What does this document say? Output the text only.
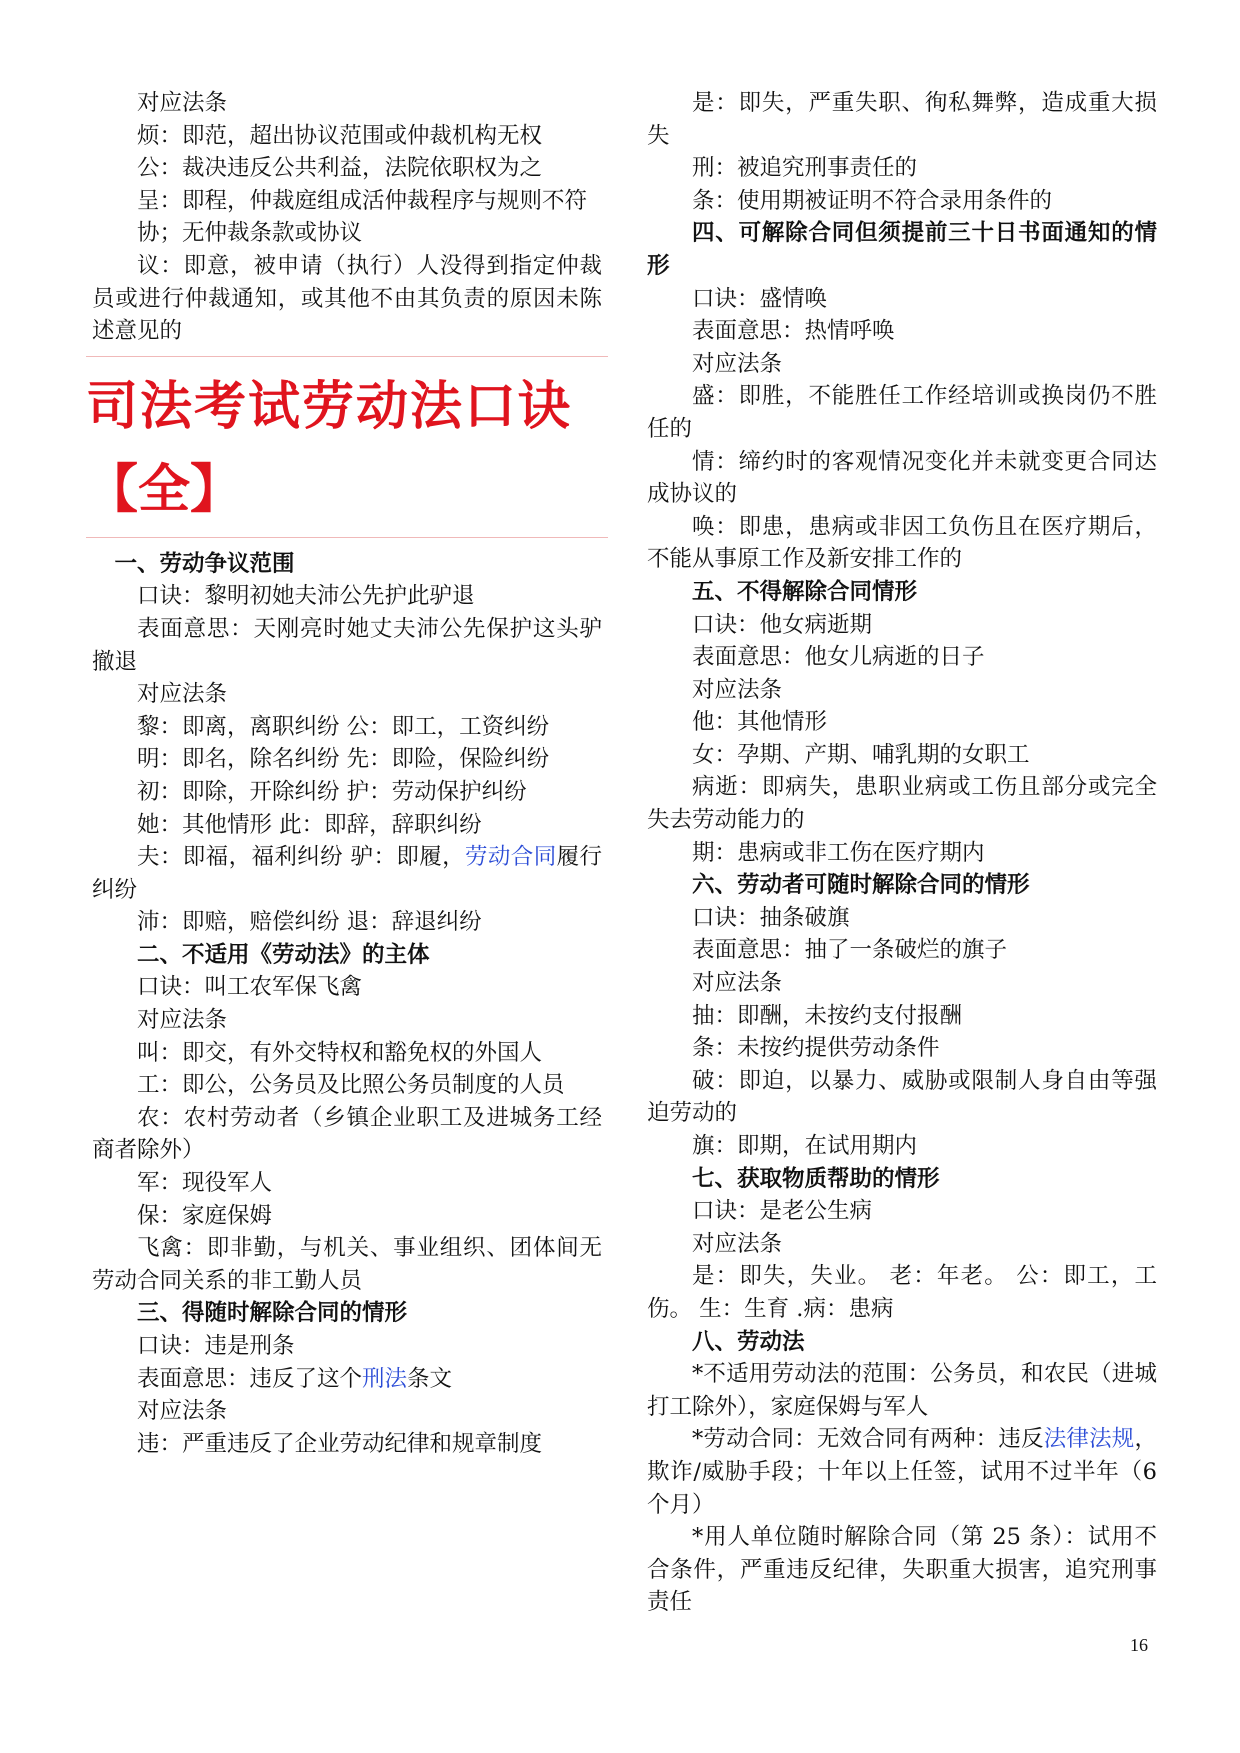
对应法条

烦：即范，超出协议范围或仲裁机构无权

公：裁决违反公共利益，法院依职权为之

呈：即程，仲裁庭组成活仲裁程序与规则不符

协；无仲裁条款或协议

议：即意，被申请（执行）人没得到指定仲裁员或进行仲裁通知，或其他不由其负责的原因未陈述意见的

司法考试劳动法口诀

【全】

一、劳动争议范围

口诀：黎明初她夫沛公先护此驴退

表面意思：天刚亮时她丈夫沛公先保护这头驴撤退

对应法条

黎：即离，离职纠纷 公：即工，工资纠纷

明：即名，除名纠纷 先：即险，保险纠纷

初：即除，开除纠纷 护：劳动保护纠纷

她：其他情形 此：即辞，辞职纠纷

夫：即福，福利纠纷 驴：即履，劳动合同履行纠纷

沛：即赔，赔偿纠纷 退：辞退纠纷

二、不适用《劳动法》的主体

口诀：叫工农军保飞禽

对应法条

叫：即交，有外交特权和豁免权的外国人

工：即公，公务员及比照公务员制度的人员

农：农村劳动者（乡镇企业职工及进城务工经商者除外）

军：现役军人

保：家庭保姆

飞禽：即非勤，与机关、事业组织、团体间无劳动合同关系的非工勤人员

三、得随时解除合同的情形

口诀：违是刑条

表面意思：违反了这个刑法条文

对应法条

违：严重违反了企业劳动纪律和规章制度

是：即失，严重失职、徇私舞弊，造成重大损失

刑：被追究刑事责任的

条：使用期被证明不符合录用条件的

四、可解除合同但须提前三十日书面通知的情形

口诀：盛情唤

表面意思：热情呼唤

对应法条

盛：即胜，不能胜任工作经培训或换岗仍不胜任的

情：缔约时的客观情况变化并未就变更合同达成协议的

唤：即患，患病或非因工负伤且在医疗期后，不能从事原工作及新安排工作的

五、不得解除合同情形

口诀：他女病逝期

表面意思：他女儿病逝的日子

对应法条

他：其他情形

女：孕期、产期、哺乳期的女职工

病逝：即病失，患职业病或工伤且部分或完全失去劳动能力的

期：患病或非工伤在医疗期内

六、劳动者可随时解除合同的情形

口诀：抽条破旗

表面意思：抽了一条破烂的旗子

对应法条

抽：即酬，未按约支付报酬

条：未按约提供劳动条件

破：即迫，以暴力、威胁或限制人身自由等强迫劳动的

旗：即期，在试用期内

七、获取物质帮助的情形

口诀：是老公生病

对应法条

是：即失，失业。 老：年老。 公：即工，工伤。 生：生育 .病：患病

八、劳动法

*不适用劳动法的范围：公务员，和农民（进城打工除外），家庭保姆与军人

*劳动合同：无效合同有两种：违反法律法规，欺诈/威胁手段；十年以上任签，试用不过半年（6个月）

*用人单位随时解除合同（第 25 条）：试用不合条件，严重违反纪律，失职重大损害，追究刑事责任

16
